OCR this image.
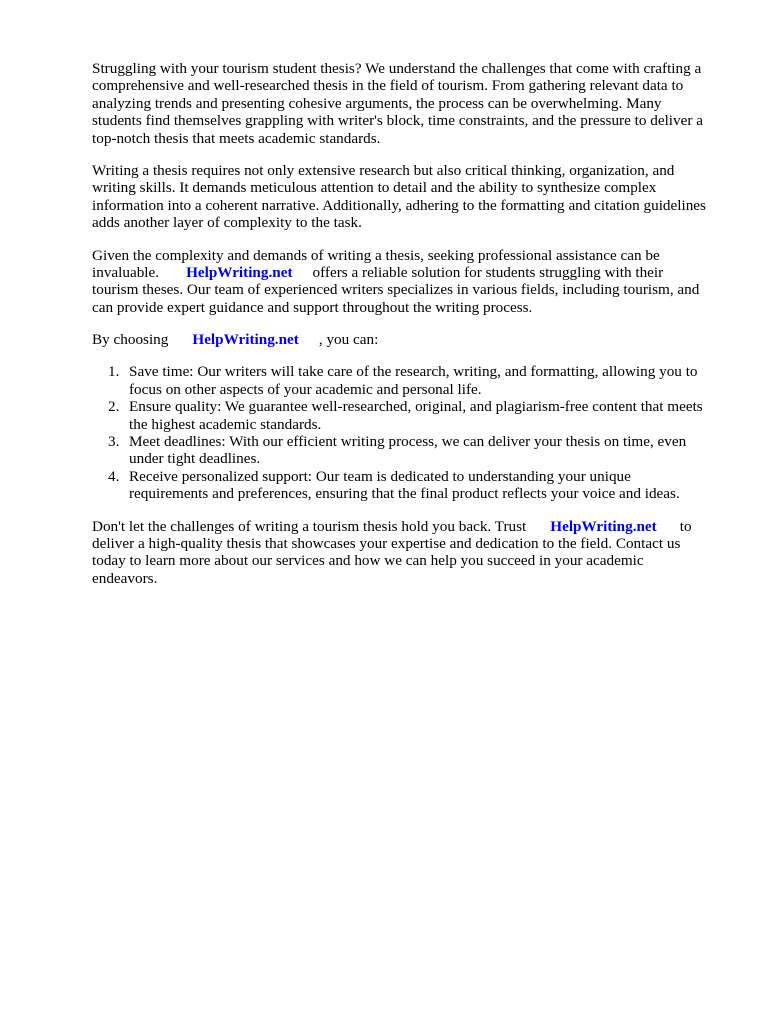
Struggling with your tourism student thesis? We understand the challenges that come with crafting a
comprehensive and well-researched thesis in the field of tourism. From gathering relevant data to
analyzing trends and presenting cohesive arguments, the process can be overwhelming. Many
students find themselves grappling with writer's block, time constraints, and the pressure to deliver a
top-notch thesis that meets academic standards.
Writing a thesis requires not only extensive research but also critical thinking, organization, and
writing skills. It demands meticulous attention to detail and the ability to synthesize complex
information into a coherent narrative. Additionally, adhering to the formatting and citation guidelines
adds another layer of complexity to the task.
Given the complexity and demands of writing a thesis, seeking professional assistance can be
invaluable. HelpWriting.net offers a reliable solution for students struggling with their
tourism theses. Our team of experienced writers specializes in various fields, including tourism, and
can provide expert guidance and support throughout the writing process.
By choosing HelpWriting.net , you can:
1. Save time: Our writers will take care of the research, writing, and formatting, allowing you to
focus on other aspects of your academic and personal life.
2. Ensure quality: We guarantee well-researched, original, and plagiarism-free content that meets
the highest academic standards.
3. Meet deadlines: With our efficient writing process, we can deliver your thesis on time, even
under tight deadlines.
4. Receive personalized support: Our team is dedicated to understanding your unique
requirements and preferences, ensuring that the final product reflects your voice and ideas.
Don't let the challenges of writing a tourism thesis hold you back. Trust HelpWriting.net to
deliver a high-quality thesis that showcases your expertise and dedication to the field. Contact us
today to learn more about our services and how we can help you succeed in your academic
endeavors.
